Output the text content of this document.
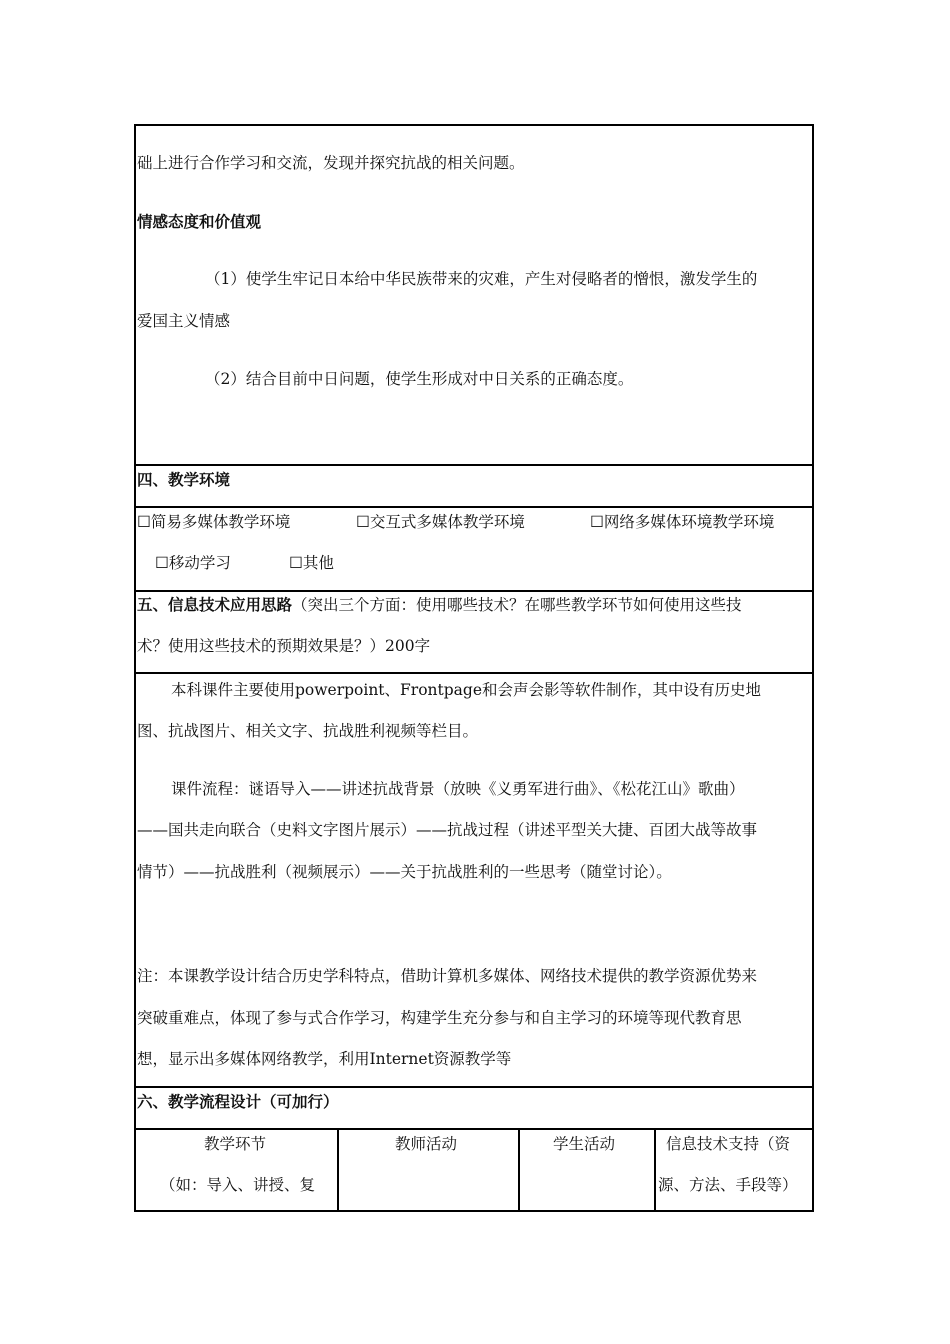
础上进行合作学习和交流，发现并探究抗战的相关问题。
情感态度和价值观
（1）使学生牢记日本给中华民族带来的灾难，产生对侵略者的憎恨，激发学生的
爱国主义情感
（2）结合目前中日问题，使学生形成对中日关系的正确态度。
四、教学环境
☐简易多媒体教学环境	☐交互式多媒体教学环境	☐网络多媒体环境教学环境
☐移动学习	☐其他
五、信息技术应用思路（突出三个方面：使用哪些技术？在哪些教学环节如何使用这些技
术？使用这些技术的预期效果是？）200字
本科课件主要使用powerpoint、Frontpage和会声会影等软件制作，其中设有历史地
图、抗战图片、相关文字、抗战胜利视频等栏目。
课件流程：谜语导入——讲述抗战背景（放映《义勇军进行曲》、《松花江山》歌曲）
——国共走向联合（史料文字图片展示）——抗战过程（讲述平型关大捷、百团大战等故事
情节）——抗战胜利（视频展示）——关于抗战胜利的一些思考（随堂讨论）。
注：本课教学设计结合历史学科特点，借助计算机多媒体、网络技术提供的教学资源优势来
突破重难点，体现了参与式合作学习，构建学生充分参与和自主学习的环境等现代教育思
想，显示出多媒体网络教学，利用Internet资源教学等
六、教学流程设计（可加行）
教学环节
（如：导入、讲授、复
教师活动	学生活动	信息技术支持（资
源、方法、手段等）
